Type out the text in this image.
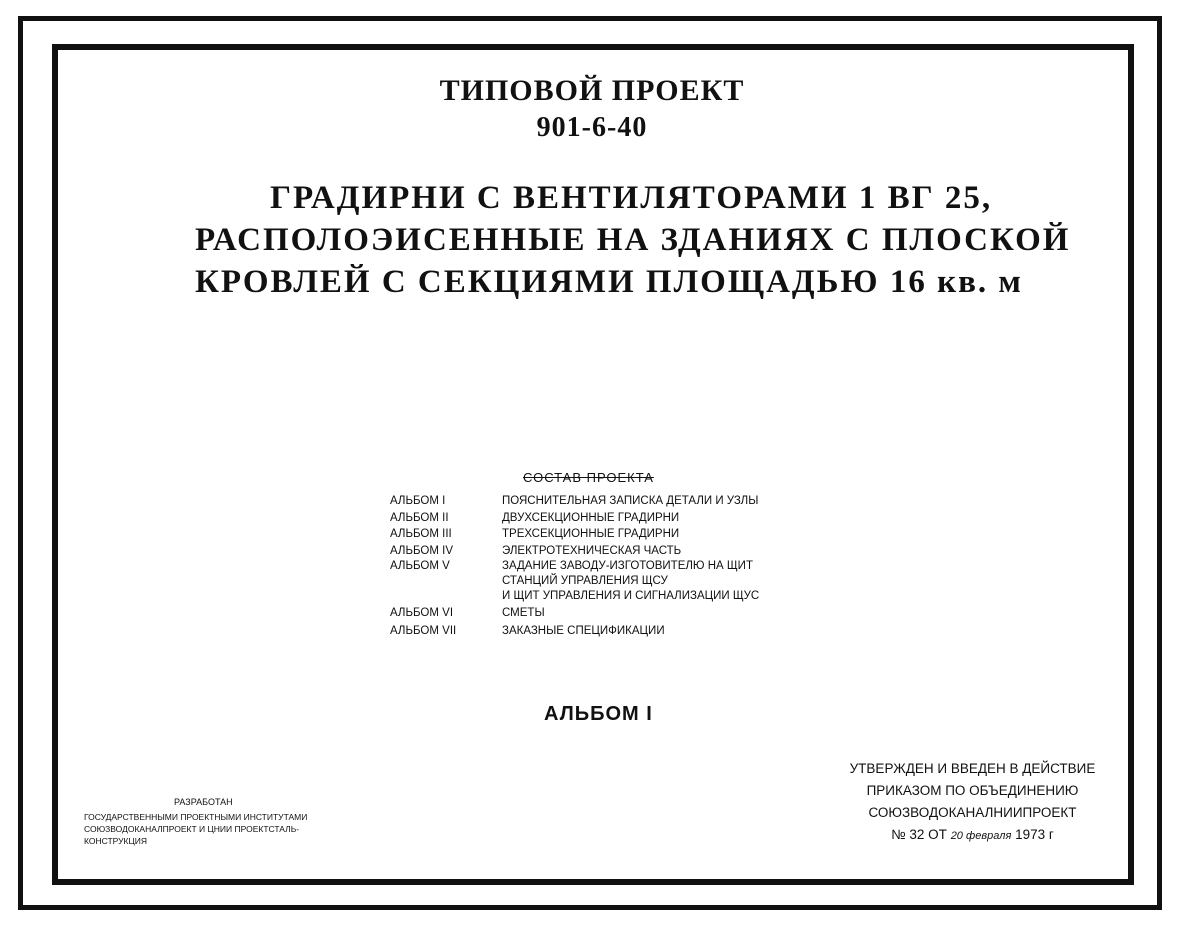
ТИПОВОЙ ПРОЕКТ
901-6-40
ГРАДИРНИ С ВЕНТИЛЯТОРАМИ 1 ВГ 25,
РАСПОЛОЭИСЕННЫЕ НА ЗДАНИЯХ С ПЛОСКОЙ
КРОВЛЕЙ С СЕКЦИЯМИ ПЛОЩАДЬЮ 16 кв. м
СОСТАВ ПРОЕКТА
АЛЬБОМ I	ПОЯСНИТЕЛЬНАЯ ЗАПИСКА ДЕТАЛИ И УЗЛЫ
АЛЬБОМ II	ДВУХСЕКЦИОННЫЕ ГРАДИРНИ
АЛЬБОМ III	ТРЕХСЕКЦИОННЫЕ ГРАДИРНИ
АЛЬБОМ IV	ЭЛЕКТРОТЕХНИЧЕСКАЯ ЧАСТЬ
АЛЬБОМ V	ЗАДАНИЕ ЗАВОДУ-ИЗГОТОВИТЕЛЮ НА ЩИТ
СТАНЦИЙ УПРАВЛЕНИЯ ЩСУ
И ЩИТ УПРАВЛЕНИЯ И СИГНАЛИЗАЦИИ ЩУС
АЛЬБОМ VI	СМЕТЫ
АЛЬБОМ VII	ЗАКАЗНЫЕ СПЕЦИФИКАЦИИ
АЛЬБОМ I
УТВЕРЖДЕН И ВВЕДЕН В ДЕЙСТВИЕ
ПРИКАЗОМ ПО ОБЪЕДИНЕНИЮ
СОЮЗВОДОКАНАЛНИИПРОЕКТ
№ 32 ОТ 20 февраля 1973 г
РАЗРАБОТАН
ГОСУДАРСТВЕННЫМИ ПРОЕКТНЫМИ ИНСТИТУТАМИ
СОЮЗВОДОКАНАЛПРОЕКТ И ЦНИИ ПРОЕКТСТАЛЬ-
КОНСТРУКЦИЯ
